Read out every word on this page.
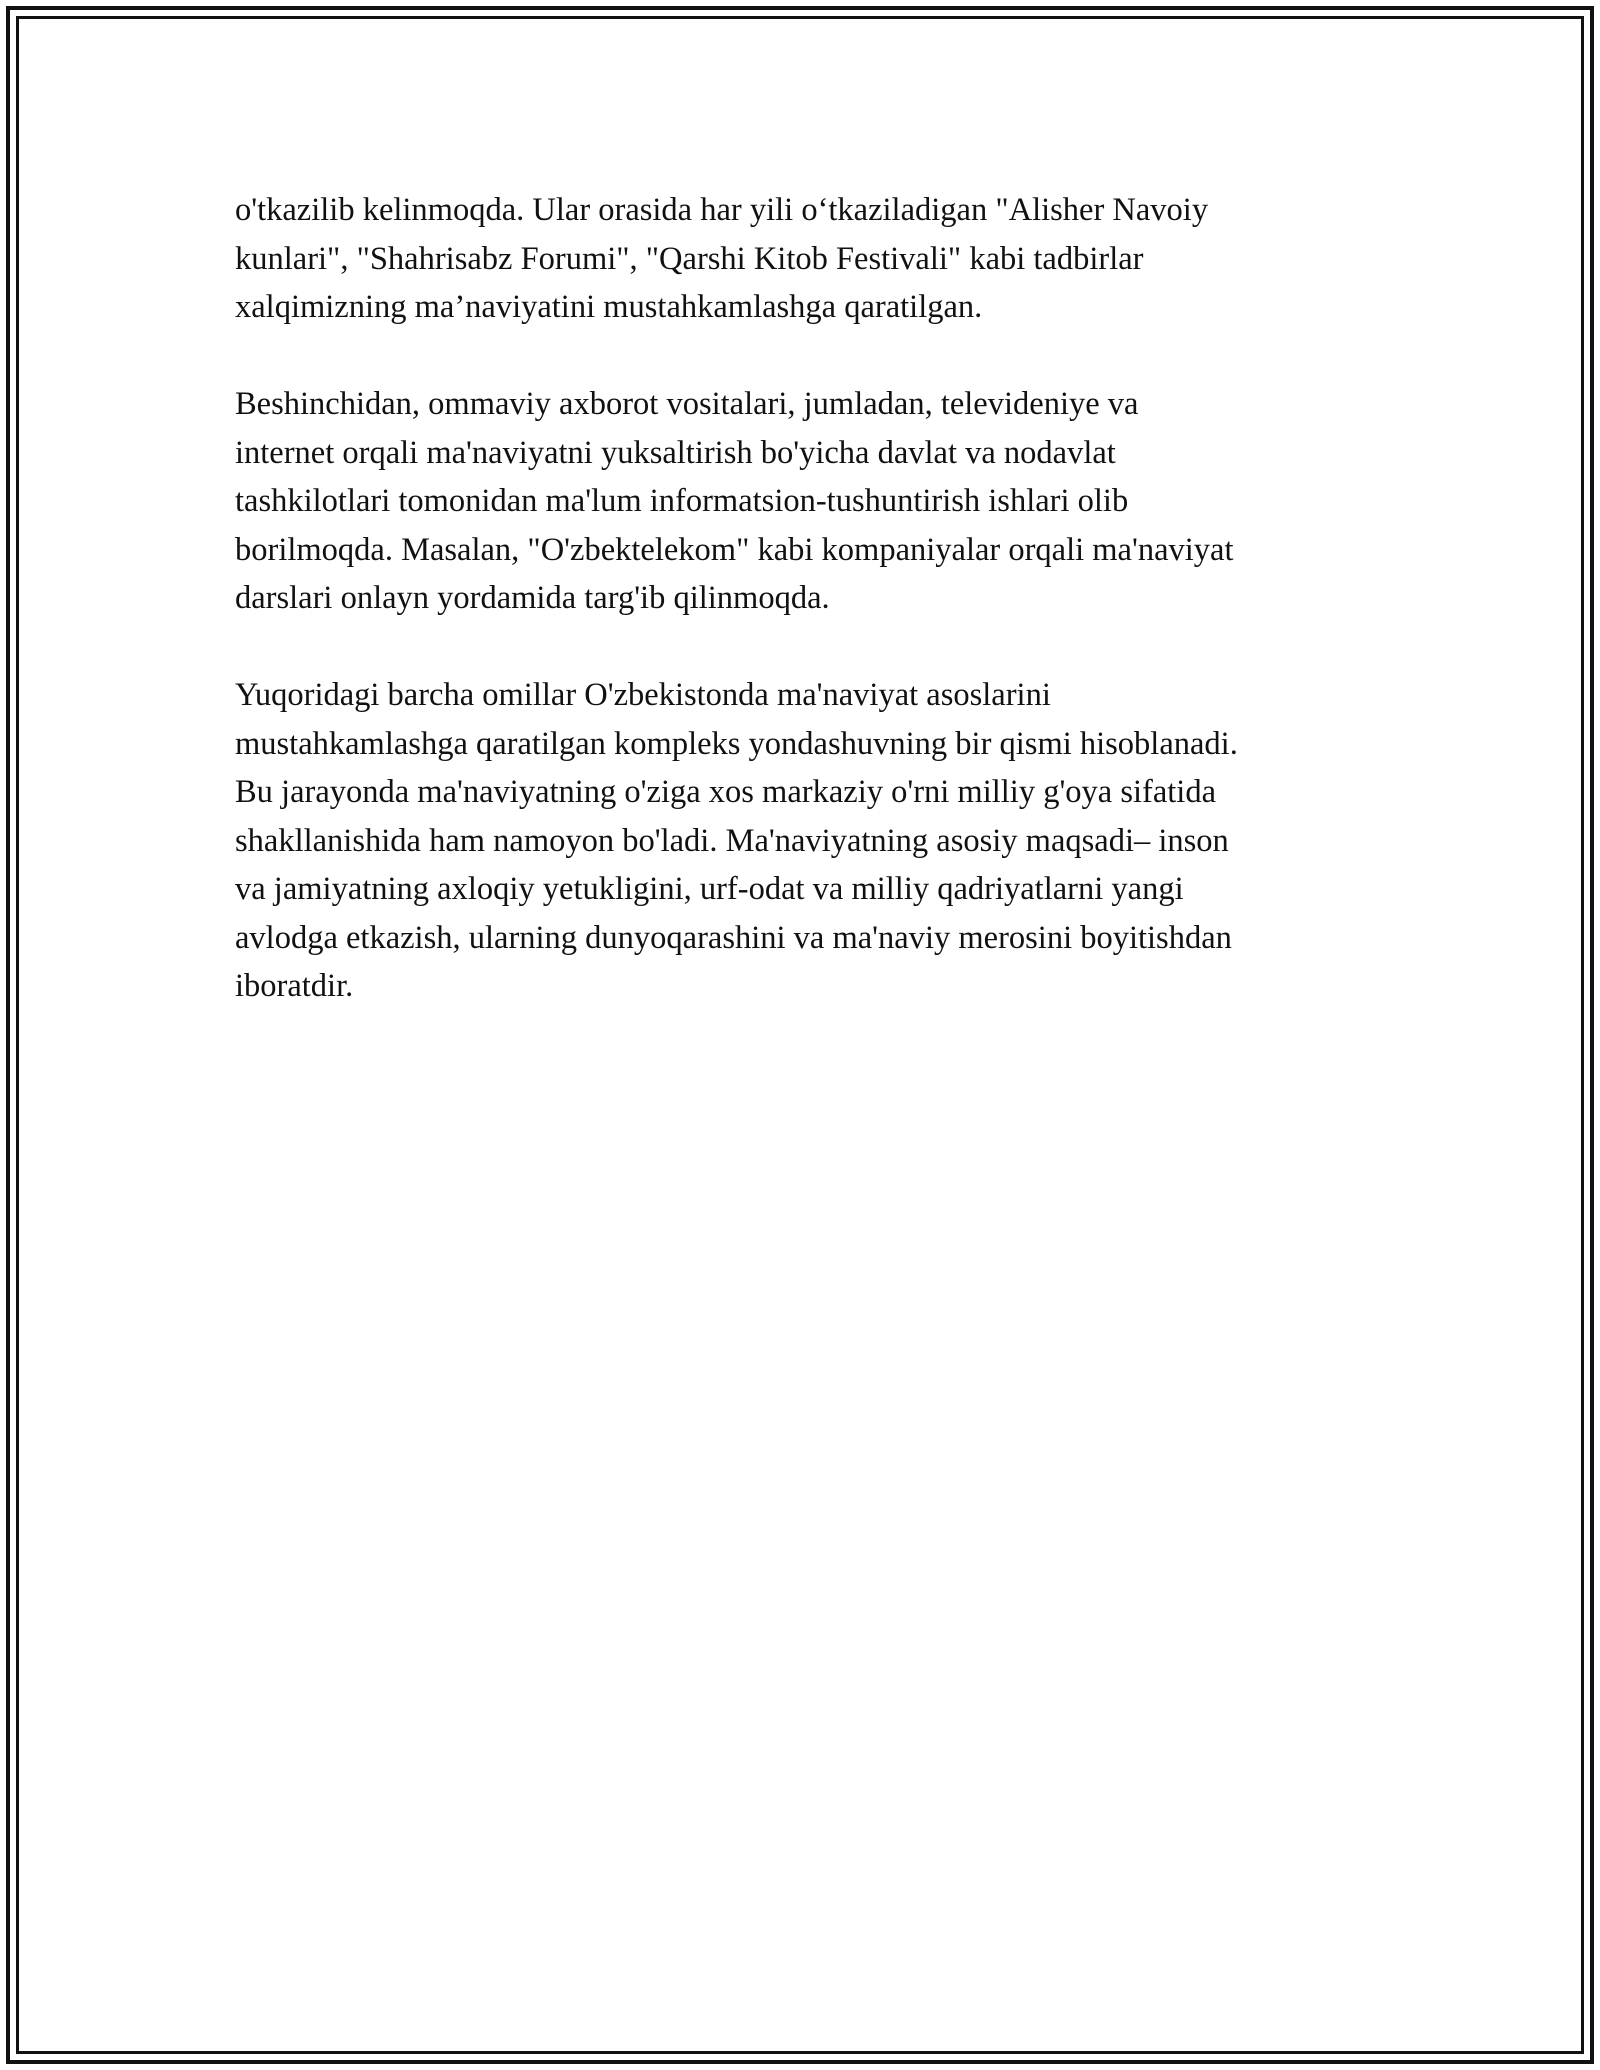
o'tkazilib kelinmoqda. Ular orasida har yili o‘tkaziladigan "Alisher Navoiy
kunlari", "Shahrisabz Forumi", "Qarshi Kitob Festivali" kabi tadbirlar
xalqimizning ma’naviyatini mustahkamlashga qaratilgan.

Beshinchidan, ommaviy axborot vositalari, jumladan, televideniye va
internet orqali ma'naviyatni yuksaltirish bo'yicha davlat va nodavlat
tashkilotlari tomonidan ma'lum informatsion-tushuntirish ishlari olib
borilmoqda. Masalan, "O'zbektelekom" kabi kompaniyalar orqali ma'naviyat
darslari onlayn yordamida targ'ib qilinmoqda.

Yuqoridagi barcha omillar O'zbekistonda ma'naviyat asoslarini
mustahkamlashga qaratilgan kompleks yondashuvning bir qismi hisoblanadi.
Bu jarayonda ma'naviyatning o'ziga xos markaziy o'rni milliy g'oya sifatida
shakllanishida ham namoyon bo'ladi. Ma'naviyatning asosiy maqsadi– inson
va jamiyatning axloqiy yetukligini, urf-odat va milliy qadriyatlarni yangi
avlodga etkazish, ularning dunyoqarashini va ma'naviy merosini boyitishdan
iboratdir.
